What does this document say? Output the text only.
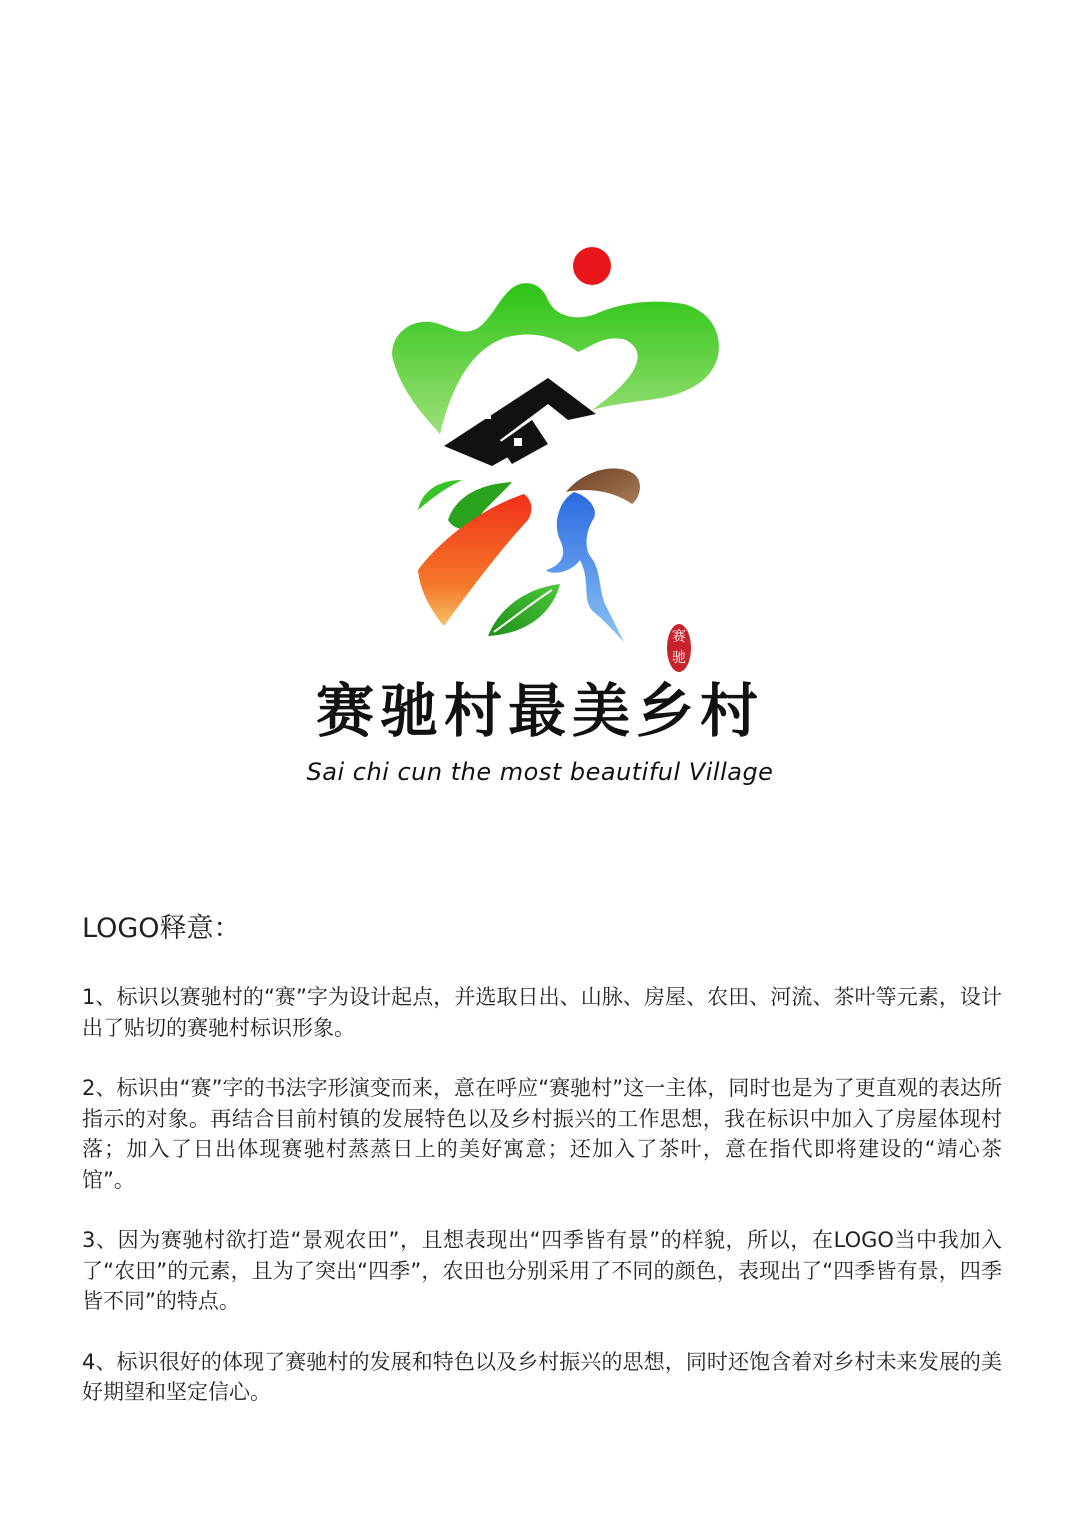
赛
驰
赛驰村最美乡村
Sai chi cun the most beautiful Village
LOGO释意：

1、标识以赛驰村的“赛”字为设计起点，并选取日出、山脉、房屋、农田、河流、茶叶等元素，设计出了贴切的赛驰村标识形象。

2、标识由“赛”字的书法字形演变而来，意在呼应“赛驰村”这一主体，同时也是为了更直观的表达所指示的对象。再结合目前村镇的发展特色以及乡村振兴的工作思想，我在标识中加入了房屋体现村落；加入了日出体现赛驰村蒸蒸日上的美好寓意；还加入了茶叶，意在指代即将建设的“靖心茶馆”。

3、因为赛驰村欲打造“景观农田”，且想表现出“四季皆有景”的样貌，所以，在LOGO当中我加入了“农田”的元素，且为了突出“四季”，农田也分别采用了不同的颜色，表现出了“四季皆有景，四季皆不同”的特点。

4、标识很好的体现了赛驰村的发展和特色以及乡村振兴的思想，同时还饱含着对乡村未来发展的美好期望和坚定信心。
